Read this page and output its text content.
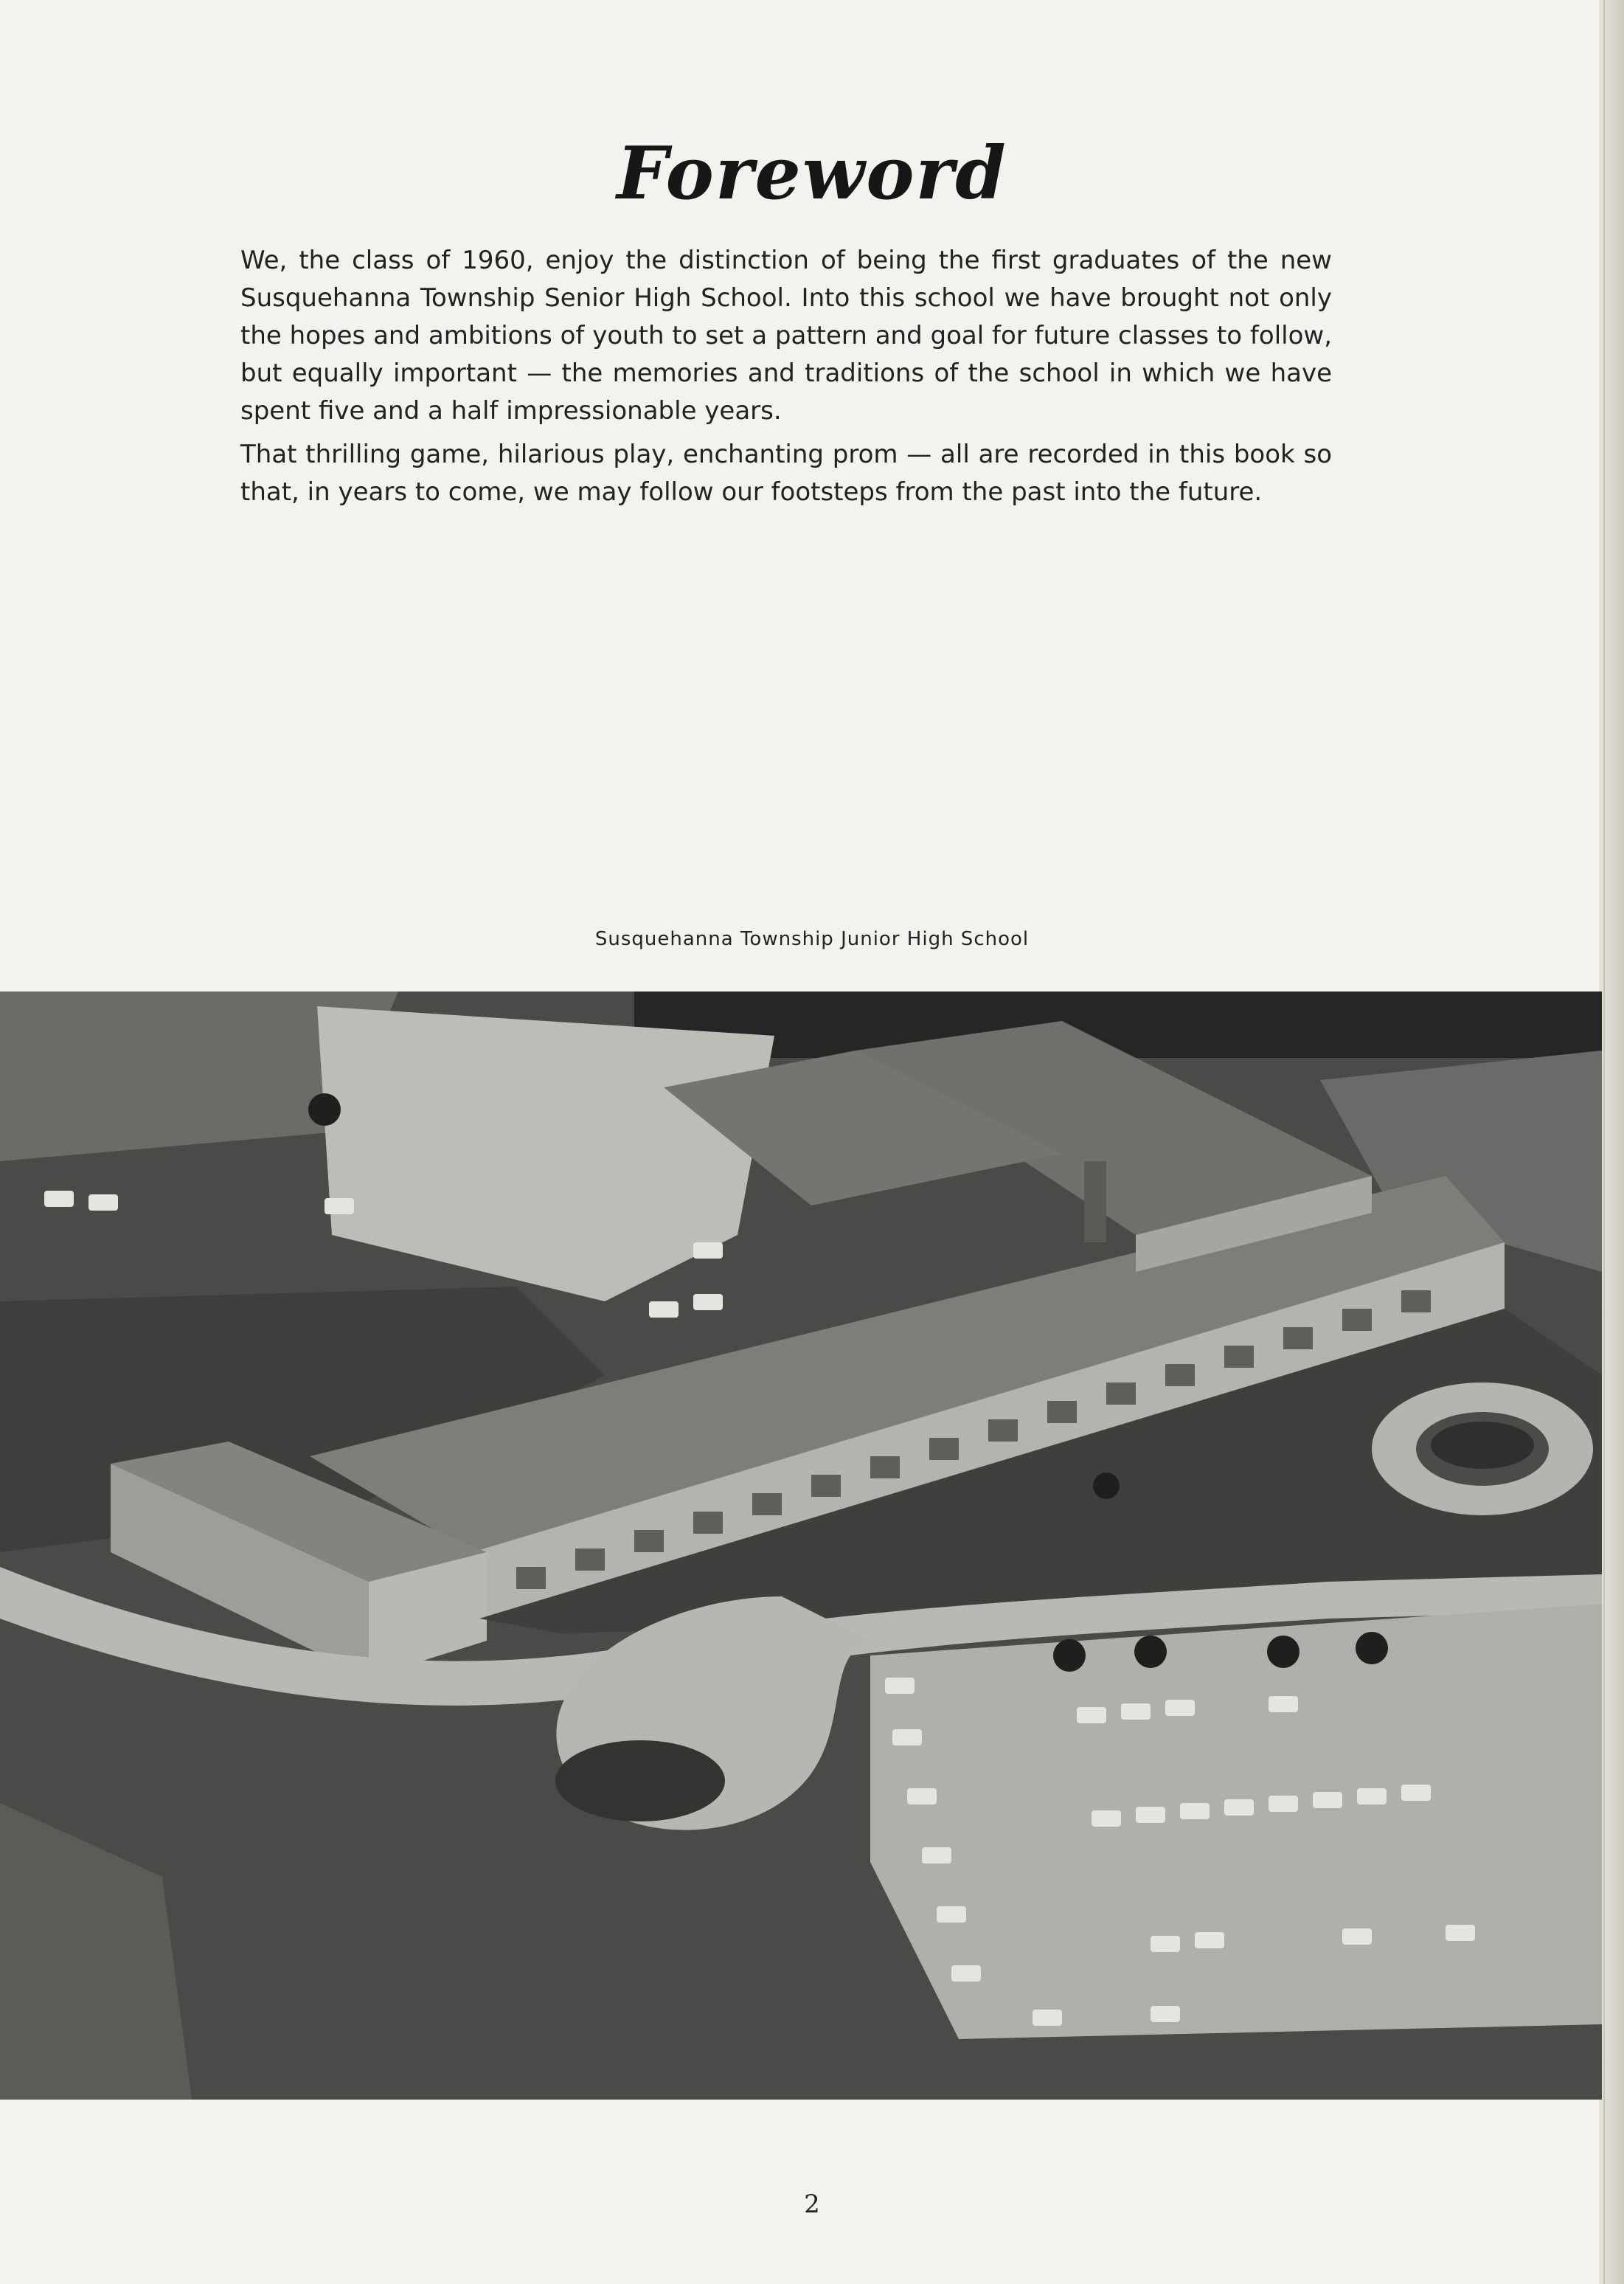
Foreword

We, the class of 1960, enjoy the distinction of being the first graduates of the new Susquehanna Township Senior High School. Into this school we have brought not only the hopes and ambitions of youth to set a pattern and goal for future classes to follow, but equally important — the memories and traditions of the school in which we have spent five and a half impressionable years.

That thrilling game, hilarious play, enchanting prom — all are recorded in this book so that, in years to come, we may follow our footsteps from the past into the future.

Susquehanna Township Junior High School
2
